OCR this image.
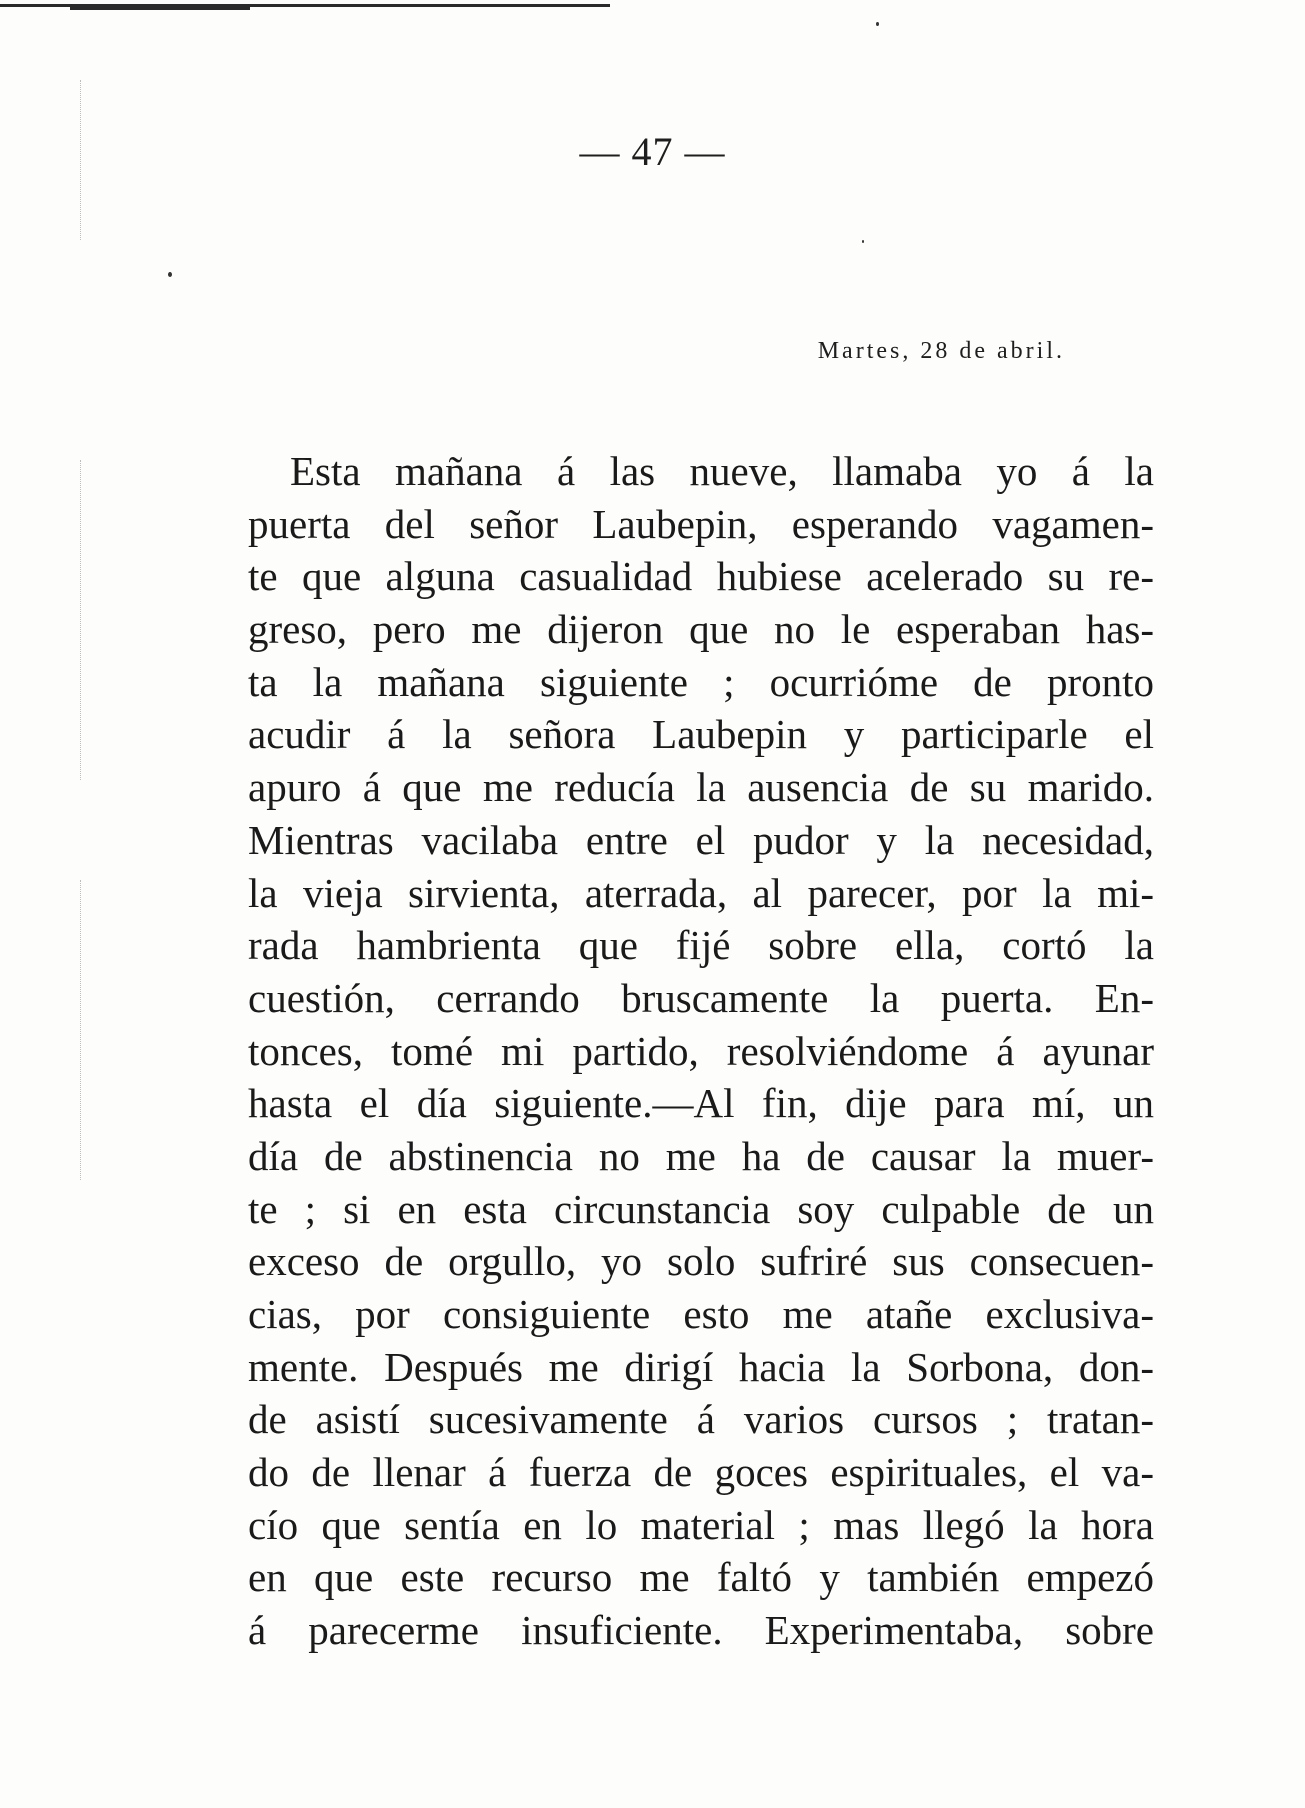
— 47 —
Martes, 28 de abril.
Esta mañana á las nueve, llamaba yo á la
puerta del señor Laubepin, esperando vagamen-
te que alguna casualidad hubiese acelerado su re-
greso, pero me dijeron que no le esperaban has-
ta la mañana siguiente ; ocurrióme de pronto
acudir á la señora Laubepin y participarle el
apuro á que me reducía la ausencia de su marido.
Mientras vacilaba entre el pudor y la necesidad,
la vieja sirvienta, aterrada, al parecer, por la mi-
rada hambrienta que fijé sobre ella, cortó la
cuestión, cerrando bruscamente la puerta. En-
tonces, tomé mi partido, resolviéndome á ayunar
hasta el día siguiente.—Al fin, dije para mí, un
día de abstinencia no me ha de causar la muer-
te ; si en esta circunstancia soy culpable de un
exceso de orgullo, yo solo sufriré sus consecuen-
cias, por consiguiente esto me atañe exclusiva-
mente. Después me dirigí hacia la Sorbona, don-
de asistí sucesivamente á varios cursos ; tratan-
do de llenar á fuerza de goces espirituales, el va-
cío que sentía en lo material ; mas llegó la hora
en que este recurso me faltó y también empezó
á parecerme insuficiente. Experimentaba, sobre
